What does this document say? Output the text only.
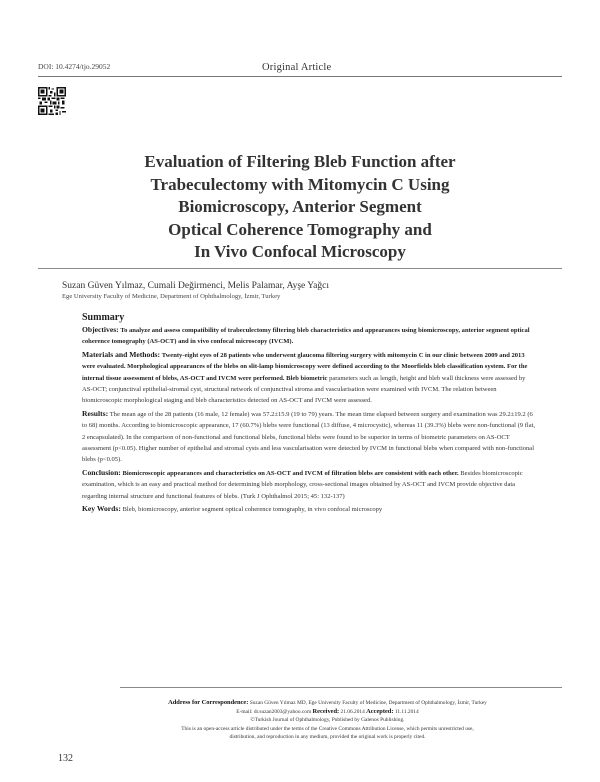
DOI: 10.4274/tjo.29052	Original Article
Evaluation of Filtering Bleb Function after
Trabeculectomy with Mitomycin C Using
Biomicroscopy, Anterior Segment
Optical Coherence Tomography and
In Vivo Confocal Microscopy
Suzan Güven Yılmaz, Cumali Değirmenci, Melis Palamar, Ayşe Yağcı
Ege University Faculty of Medicine, Department of Ophthalmology, İzmir, Turkey
Summary

Objectives: To analyze and assess compatibility of trabeculectomy filtering bleb characteristics and appearances using biomicroscopy, anterior segment optical coherence tomography (AS-OCT) and in vivo confocal microscopy (IVCM).

Materials and Methods: Twenty-eight eyes of 28 patients who underwent glaucoma filtering surgery with mitomycin C in our clinic between 2009 and 2013 were evaluated. Morphological appearances of the blebs on slit-lamp biomicroscopy were defined according to the Moorfields bleb classification system. For the internal tissue assessment of blebs, AS-OCT and IVCM were performed. Bleb biometric parameters such as length, height and bleb wall thickness were assessed by AS-OCT; conjunctival epithelial-stromal cyst, structural network of conjunctival stroma and vascularisation were examined with IVCM. The relation between biomicroscopic morphological staging and bleb characteristics detected on AS-OCT and IVCM were assessed.

Results: The mean age of the 28 patients (16 male, 12 female) was 57.2±15.9 (19 to 79) years. The mean time elapsed between surgery and examination was 29.2±19.2 (6 to 68) months. According to biomicroscopic appearance, 17 (60.7%) blebs were functional (13 diffuse, 4 microcystic), whereas 11 (39.3%) blebs were non-functional (9 flat, 2 encapsulated). In the comparison of non-functional and functional blebs, functional blebs were found to be superior in terms of biometric parameters on AS-OCT assessment (p<0.05). Higher number of epithelial and stromal cysts and less vascularisation were detected by IVCM in functional blebs when compared with non-functional blebs (p<0.05).

Conclusion: Biomicroscopic appearances and characteristics on AS-OCT and IVCM of filtration blebs are consistent with each other. Besides biomicroscopic examination, which is an easy and practical method for determining bleb morphology, cross-sectional images obtained by AS-OCT and IVCM provide objective data regarding internal structure and functional features of blebs. (Turk J Ophthalmol 2015; 45: 132-137)

Key Words: Bleb, biomicroscopy, anterior segment optical coherence tomography, in vivo confocal microscopy

Address for Correspondence: Suzan Güven Yılmaz MD, Ege University Faculty of Medicine, Department of Ophthalmology, İzmir, Turkey
E-mail: dr.suzan2003@yahoo.com Received: 21.06.2014 Accepted: 11.11.2014
©Turkish Journal of Ophthalmology, Published by Galenos Publishing.
This is an open-access article distributed under the terms of the Creative Commons Attribution License, which permits unrestricted use,
distribution, and reproduction in any medium, provided the original work is properly cited.
132
